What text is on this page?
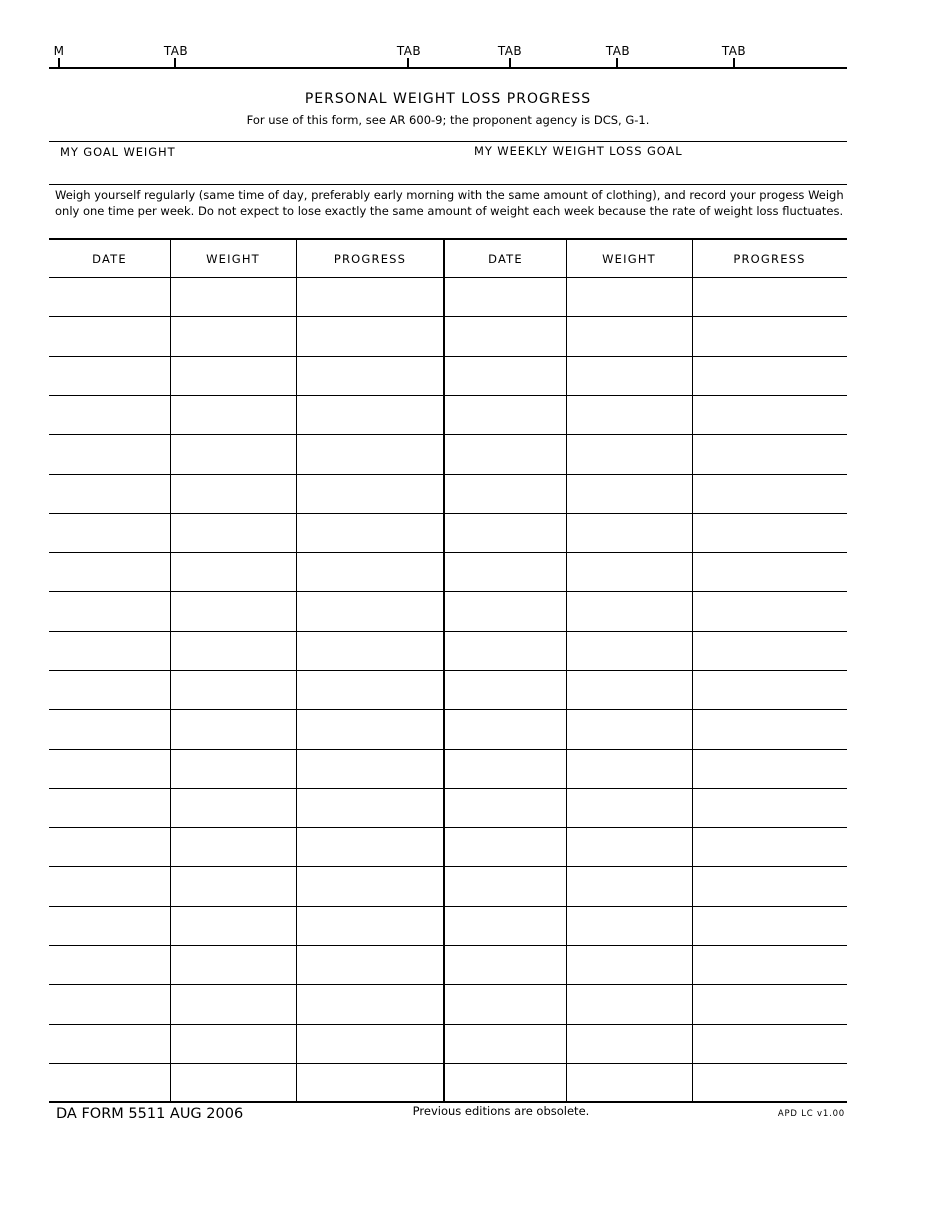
M	TAB	TAB	TAB	TAB	TAB
PERSONAL WEIGHT LOSS PROGRESS
For use of this form, see AR 600-9; the proponent agency is DCS, G-1.
MY GOAL WEIGHT	MY WEEKLY WEIGHT LOSS GOAL
Weigh yourself regularly (same time of day, preferably early morning with the same amount of clothing), and record your progess Weigh only one time per week. Do not expect to lose exactly the same amount of weight each week because the rate of weight loss fluctuates.
DATE	WEIGHT	PROGRESS	DATE	WEIGHT	PROGRESS
DA FORM 5511 AUG 2006	Previous editions are obsolete.	APD LC v1.00
